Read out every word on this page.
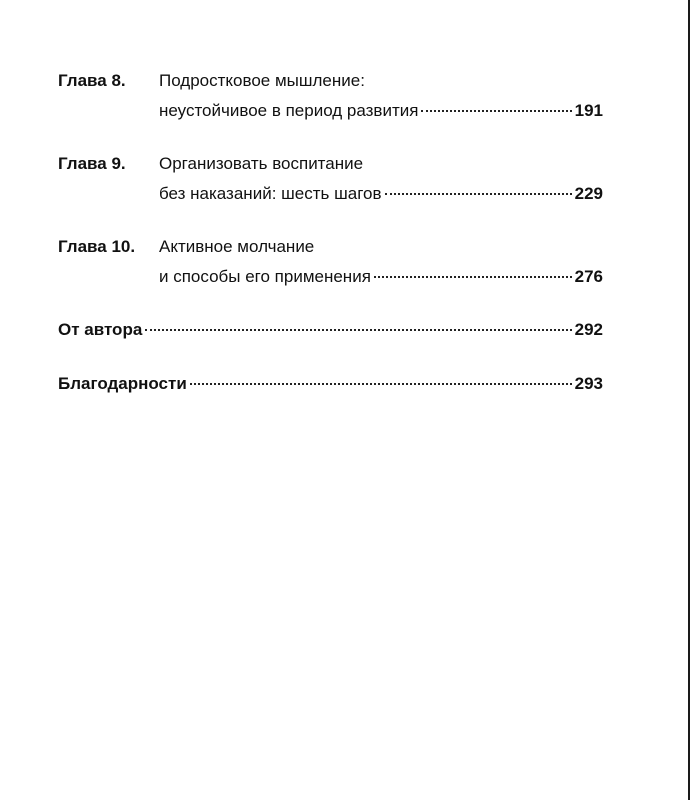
Глава 8.	Подростковое мышление:
неустойчивое в период развития	191
Глава 9.	Организовать воспитание
без наказаний: шесть шагов	229
Глава 10.	Активное молчание
и способы его применения	276
От автора	292
Благодарности	293
